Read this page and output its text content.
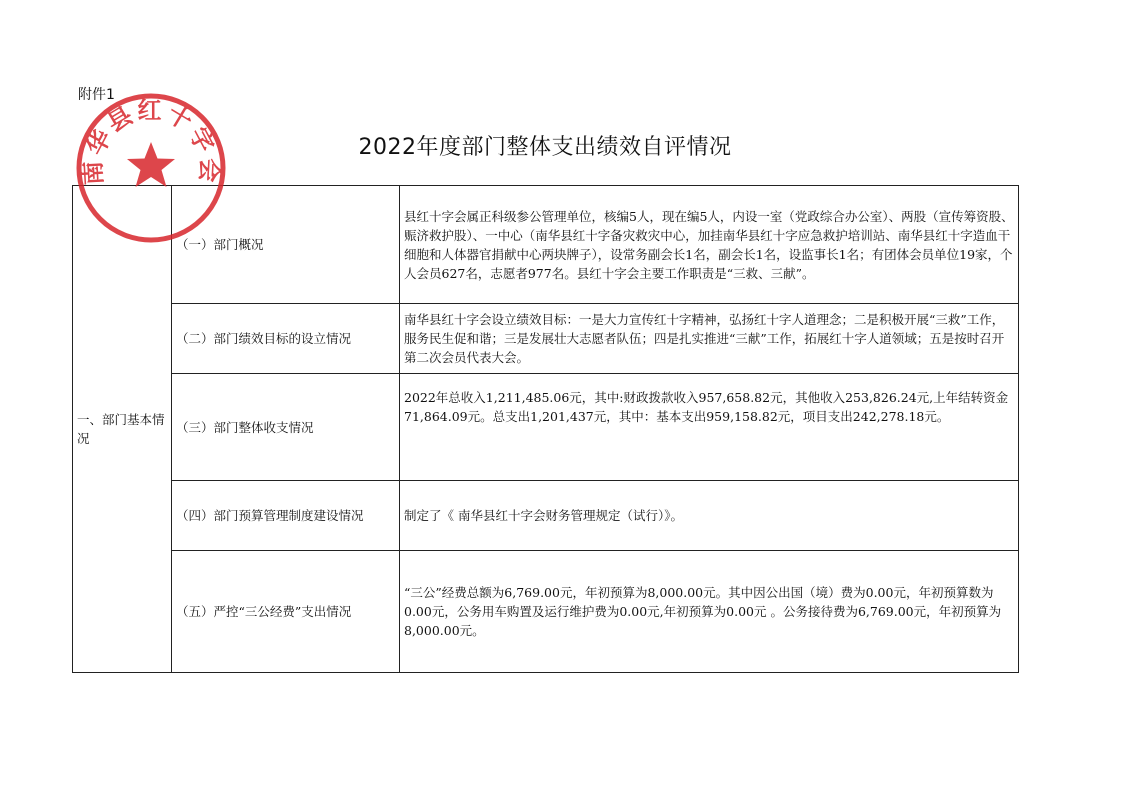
附件1
2022年度部门整体支出绩效自评情况
一、部门基本情况	（一）部门概况	县红十字会属正科级参公管理单位，核编5人，现在编5人，内设一室（党政综合办公室）、两股（宣传筹资股、赈济救护股）、一中心（南华县红十字备灾救灾中心，加挂南华县红十字应急救护培训站、南华县红十字造血干细胞和人体器官捐献中心两块牌子），设常务副会长1名，副会长1名，设监事长1名；有团体会员单位19家，个人会员627名，志愿者977名。县红十字会主要工作职责是“三救、三献”。
	（二）部门绩效目标的设立情况	南华县红十字会设立绩效目标：一是大力宣传红十字精神，弘扬红十字人道理念；二是积极开展“三救”工作，服务民生促和谐；三是发展壮大志愿者队伍；四是扎实推进“三献”工作，拓展红十字人道领域；五是按时召开第二次会员代表大会。
	（三）部门整体收支情况	2022年总收入1,211,485.06元，其中:财政拨款收入957,658.82元，其他收入253,826.24元,上年结转资金71,864.09元。总支出1,201,437元，其中：基本支出959,158.82元，项目支出242,278.18元。
	（四）部门预算管理制度建设情况	制定了《 南华县红十字会财务管理规定（试行）》。
	（五）严控“三公经费”支出情况	“三公”经费总额为6,769.00元，年初预算为8,000.00元。其中因公出国（境）费为0.00元，年初预算数为0.00元，公务用车购置及运行维护费为0.00元,年初预算为0.00元 。公务接待费为6,769.00元，年初预算为8,000.00元。
南华县红十字会
